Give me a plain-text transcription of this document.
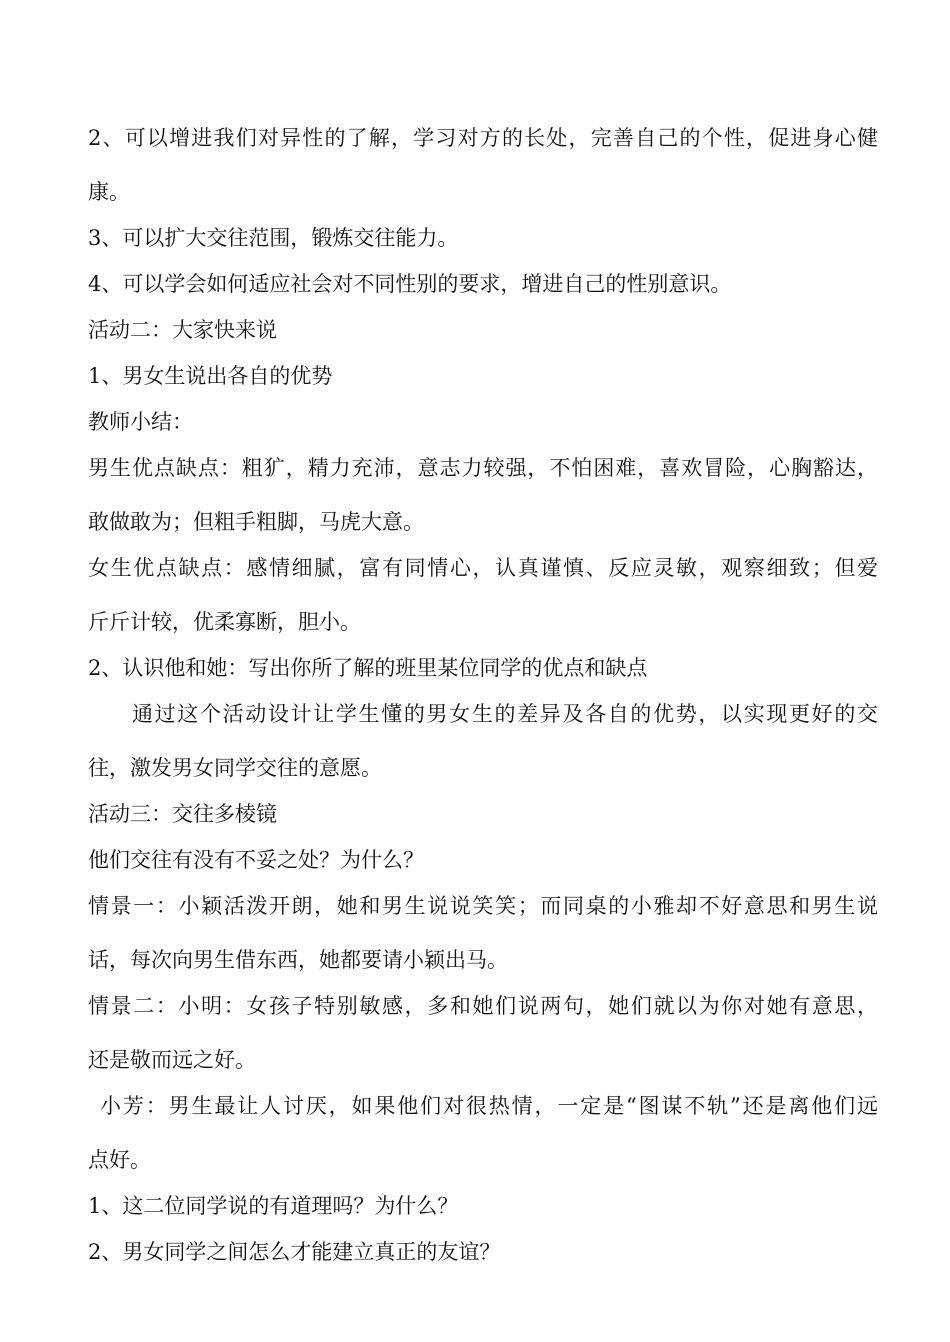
2、可以增进我们对异性的了解，学习对方的长处，完善自己的个性，促进身心健
康。
3、可以扩大交往范围，锻炼交往能力。
4、可以学会如何适应社会对不同性别的要求，增进自己的性别意识。
活动二：大家快来说
1、男女生说出各自的优势
教师小结：
男生优点缺点：粗犷，精力充沛，意志力较强，不怕困难，喜欢冒险，心胸豁达，
敢做敢为；但粗手粗脚，马虎大意。
女生优点缺点：感情细腻，富有同情心，认真谨慎、反应灵敏，观察细致；但爱
斤斤计较，优柔寡断，胆小。
2、认识他和她：写出你所了解的班里某位同学的优点和缺点
通过这个活动设计让学生懂的男女生的差异及各自的优势，以实现更好的交
往，激发男女同学交往的意愿。
活动三：交往多棱镜
他们交往有没有不妥之处？为什么？
情景一：小颖活泼开朗，她和男生说说笑笑；而同桌的小雅却不好意思和男生说
话，每次向男生借东西，她都要请小颖出马。
情景二：小明：女孩子特别敏感，多和她们说两句，她们就以为你对她有意思，
还是敬而远之好。
小芳：男生最让人讨厌，如果他们对很热情，一定是“图谋不轨”还是离他们远
点好。
1、这二位同学说的有道理吗？为什么？
2、男女同学之间怎么才能建立真正的友谊？
